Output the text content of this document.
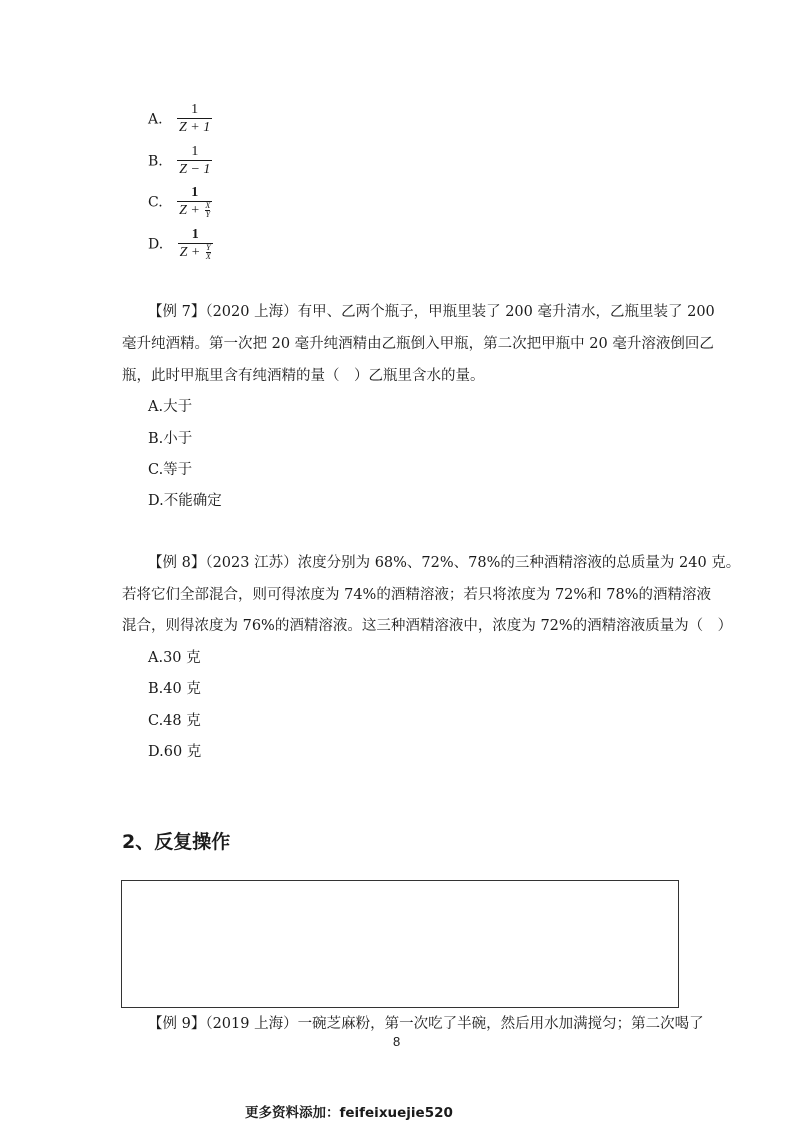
A. $\frac{1}{Z + 1}$
B. $\frac{1}{Z - 1}$
C. $\frac{1}{Z + \frac{X}{Y}}$
D. $\frac{1}{Z + \frac{Y}{X}}$
【例 7】（2020 上海）有甲、乙两个瓶子，甲瓶里装了 200 毫升清水，乙瓶里装了 200
毫升纯酒精。第一次把 20 毫升纯酒精由乙瓶倒入甲瓶，第二次把甲瓶中 20 毫升溶液倒回乙
瓶，此时甲瓶里含有纯酒精的量（　）乙瓶里含水的量。
A.大于
B.小于
C.等于
D.不能确定
【例 8】（2023 江苏）浓度分别为 68%、72%、78%的三种酒精溶液的总质量为 240 克。
若将它们全部混合，则可得浓度为 74%的酒精溶液；若只将浓度为 72%和 78%的酒精溶液
混合，则得浓度为 76%的酒精溶液。这三种酒精溶液中，浓度为 72%的酒精溶液质量为（　）
A.30 克
B.40 克
C.48 克
D.60 克
2、反复操作
【例 9】（2019 上海）一碗芝麻粉，第一次吃了半碗，然后用水加满搅匀；第二次喝了
8
更多资料添加：feifeixuejie520
